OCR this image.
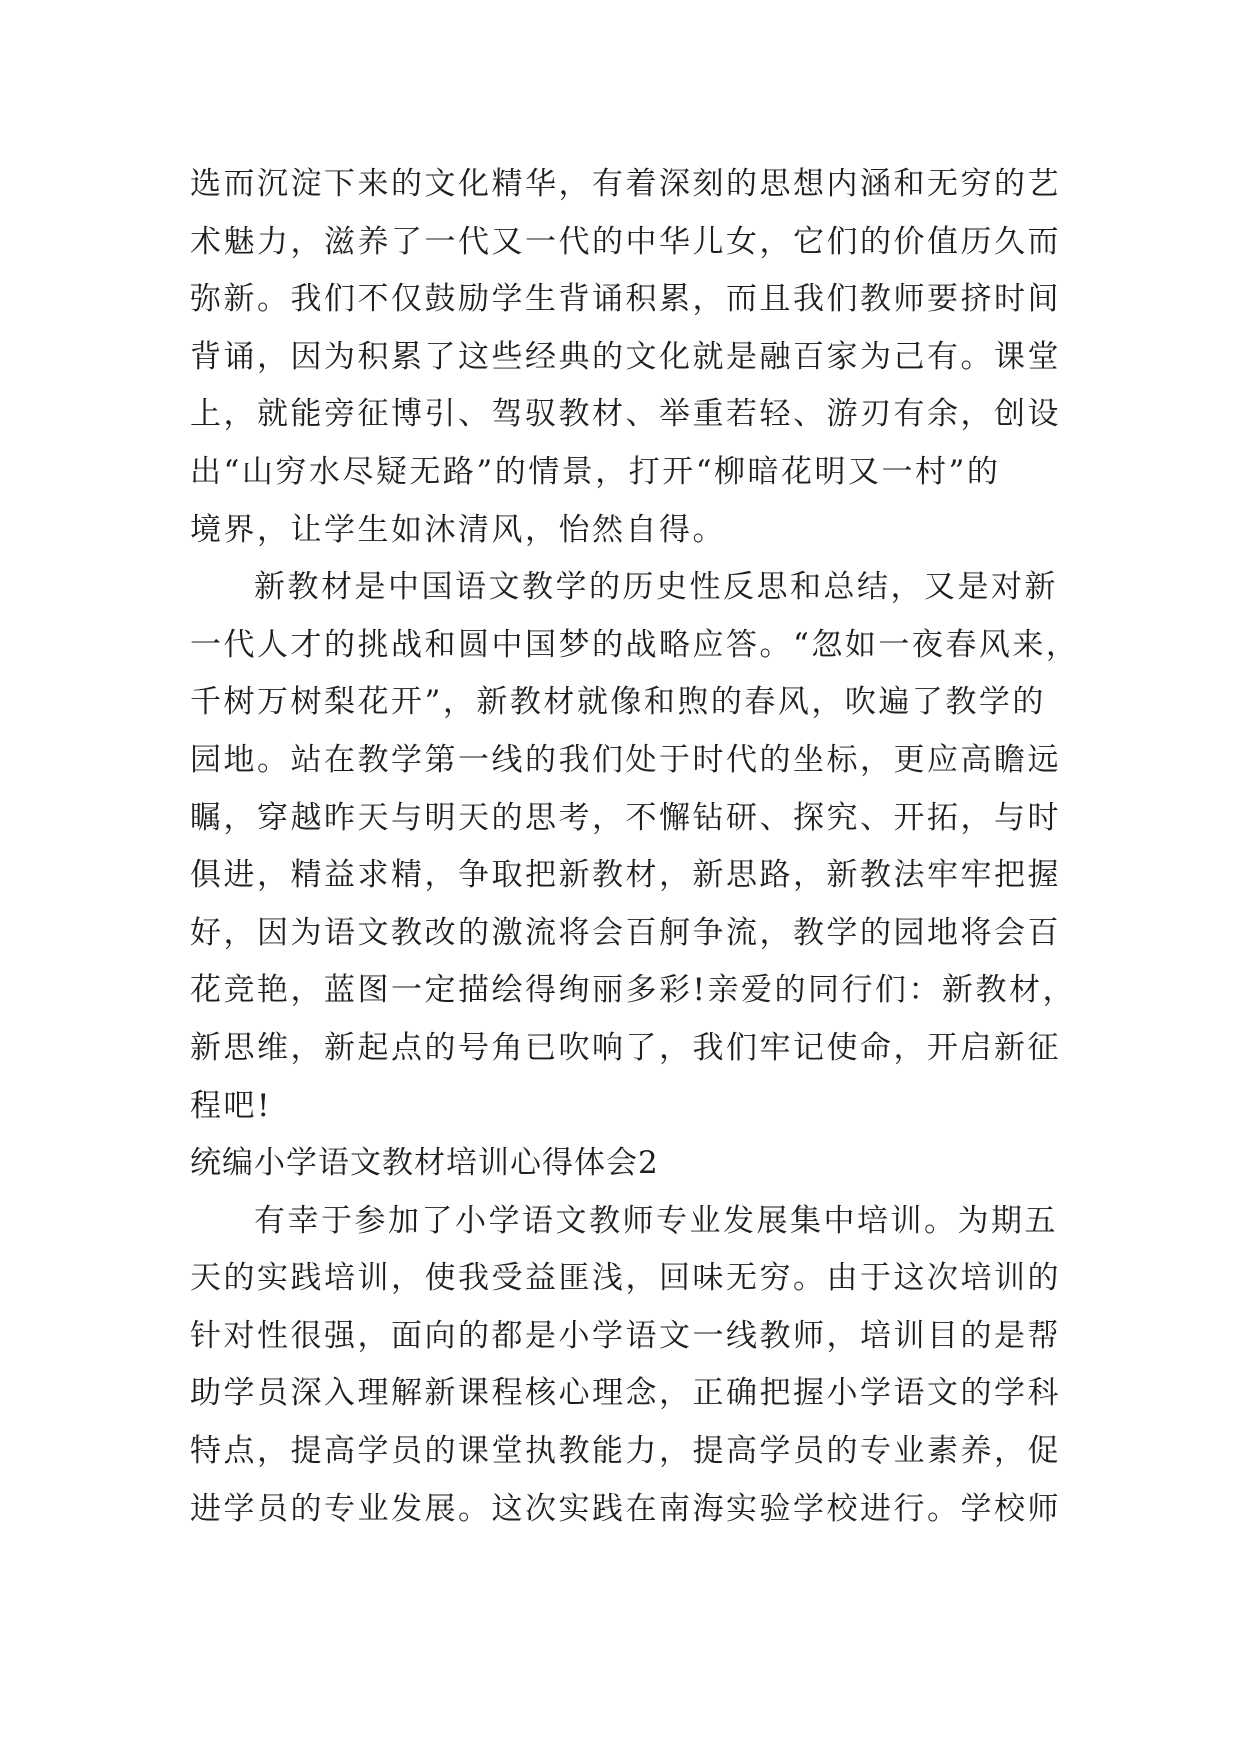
选而沉淀下来的文化精华，有着深刻的思想内涵和无穷的艺
术魅力，滋养了一代又一代的中华儿女，它们的价值历久而
弥新。我们不仅鼓励学生背诵积累，而且我们教师要挤时间
背诵，因为积累了这些经典的文化就是融百家为己有。课堂
上，就能旁征博引、驾驭教材、举重若轻、游刃有余，创设
出“山穷水尽疑无路”的情景，打开“柳暗花明又一村”的
境界，让学生如沐清风，怡然自得。
新教材是中国语文教学的历史性反思和总结，又是对新
一代人才的挑战和圆中国梦的战略应答。“忽如一夜春风来，
千树万树梨花开”，新教材就像和煦的春风，吹遍了教学的
园地。站在教学第一线的我们处于时代的坐标，更应高瞻远
瞩，穿越昨天与明天的思考，不懈钻研、探究、开拓，与时
俱进，精益求精，争取把新教材，新思路，新教法牢牢把握
好，因为语文教改的激流将会百舸争流，教学的园地将会百
花竞艳，蓝图一定描绘得绚丽多彩!亲爱的同行们：新教材，
新思维，新起点的号角已吹响了，我们牢记使命，开启新征
程吧!
统编小学语文教材培训心得体会2
有幸于参加了小学语文教师专业发展集中培训。为期五
天的实践培训，使我受益匪浅，回味无穷。由于这次培训的
针对性很强，面向的都是小学语文一线教师，培训目的是帮
助学员深入理解新课程核心理念，正确把握小学语文的学科
特点，提高学员的课堂执教能力，提高学员的专业素养，促
进学员的专业发展。这次实践在南海实验学校进行。学校师
